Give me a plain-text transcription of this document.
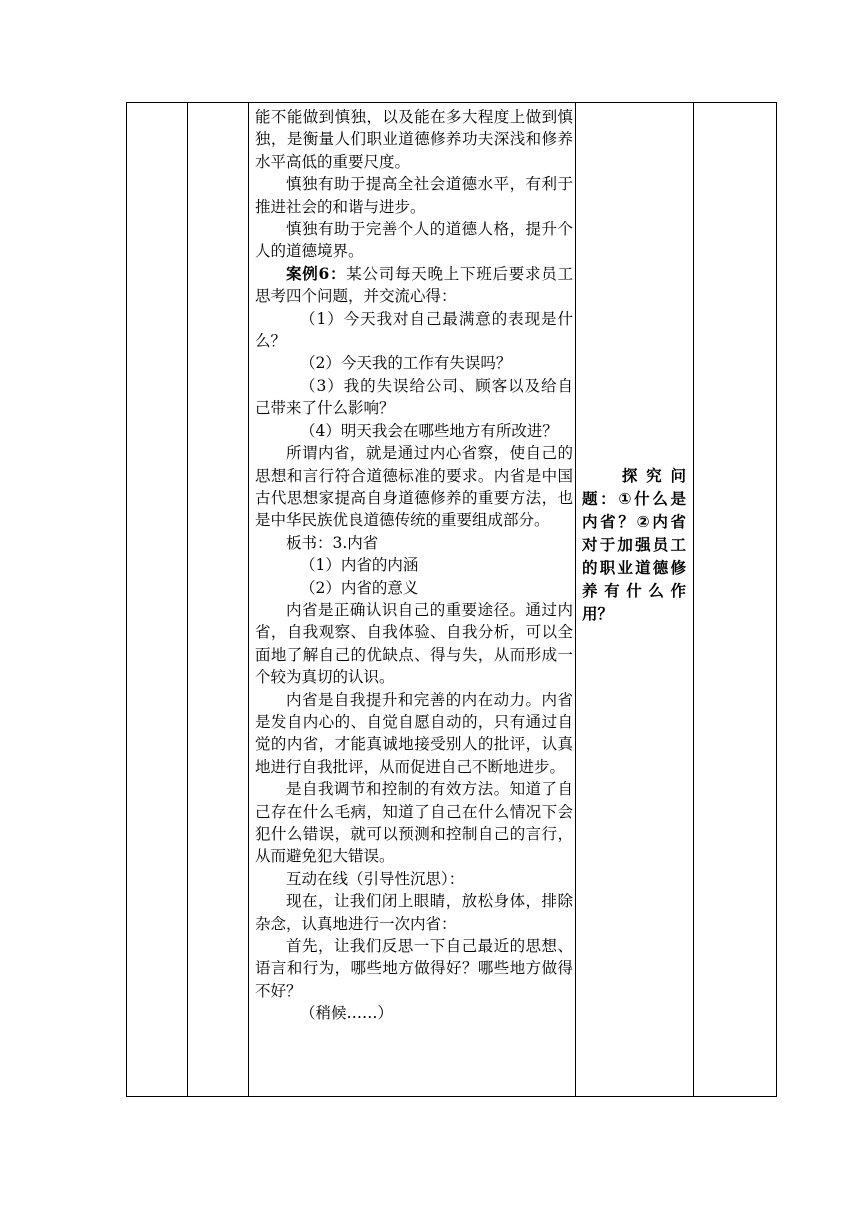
能不能做到慎独，以及能在多大程度上做到慎独，是衡量人们职业道德修养功夫深浅和修养水平高低的重要尺度。

慎独有助于提高全社会道德水平，有利于推进社会的和谐与进步。

慎独有助于完善个人的道德人格，提升个人的道德境界。

案例6：某公司每天晚上下班后要求员工思考四个问题，并交流心得：

（1）今天我对自己最满意的表现是什么？

（2）今天我的工作有失误吗？

（3）我的失误给公司、顾客以及给自己带来了什么影响？

（4）明天我会在哪些地方有所改进？

所谓内省，就是通过内心省察，使自己的思想和言行符合道德标准的要求。内省是中国古代思想家提高自身道德修养的重要方法，也是中华民族优良道德传统的重要组成部分。

板书：3.内省

（1）内省的内涵

（2）内省的意义

内省是正确认识自己的重要途径。通过内省，自我观察、自我体验、自我分析，可以全面地了解自己的优缺点、得与失，从而形成一个较为真切的认识。

内省是自我提升和完善的内在动力。内省是发自内心的、自觉自愿自动的，只有通过自觉的内省，才能真诚地接受别人的批评，认真地进行自我批评，从而促进自己不断地进步。

是自我调节和控制的有效方法。知道了自己存在什么毛病，知道了自己在什么情况下会犯什么错误，就可以预测和控制自己的言行，从而避免犯大错误。

互动在线（引导性沉思）：

现在，让我们闭上眼睛，放松身体，排除杂念，认真地进行一次内省：

首先，让我们反思一下自己最近的思想、语言和行为，哪些地方做得好？哪些地方做得不好？

（稍候……）

探究问题：①什么是内省？②内省对于加强员工的职业道德修养有什么作用？
